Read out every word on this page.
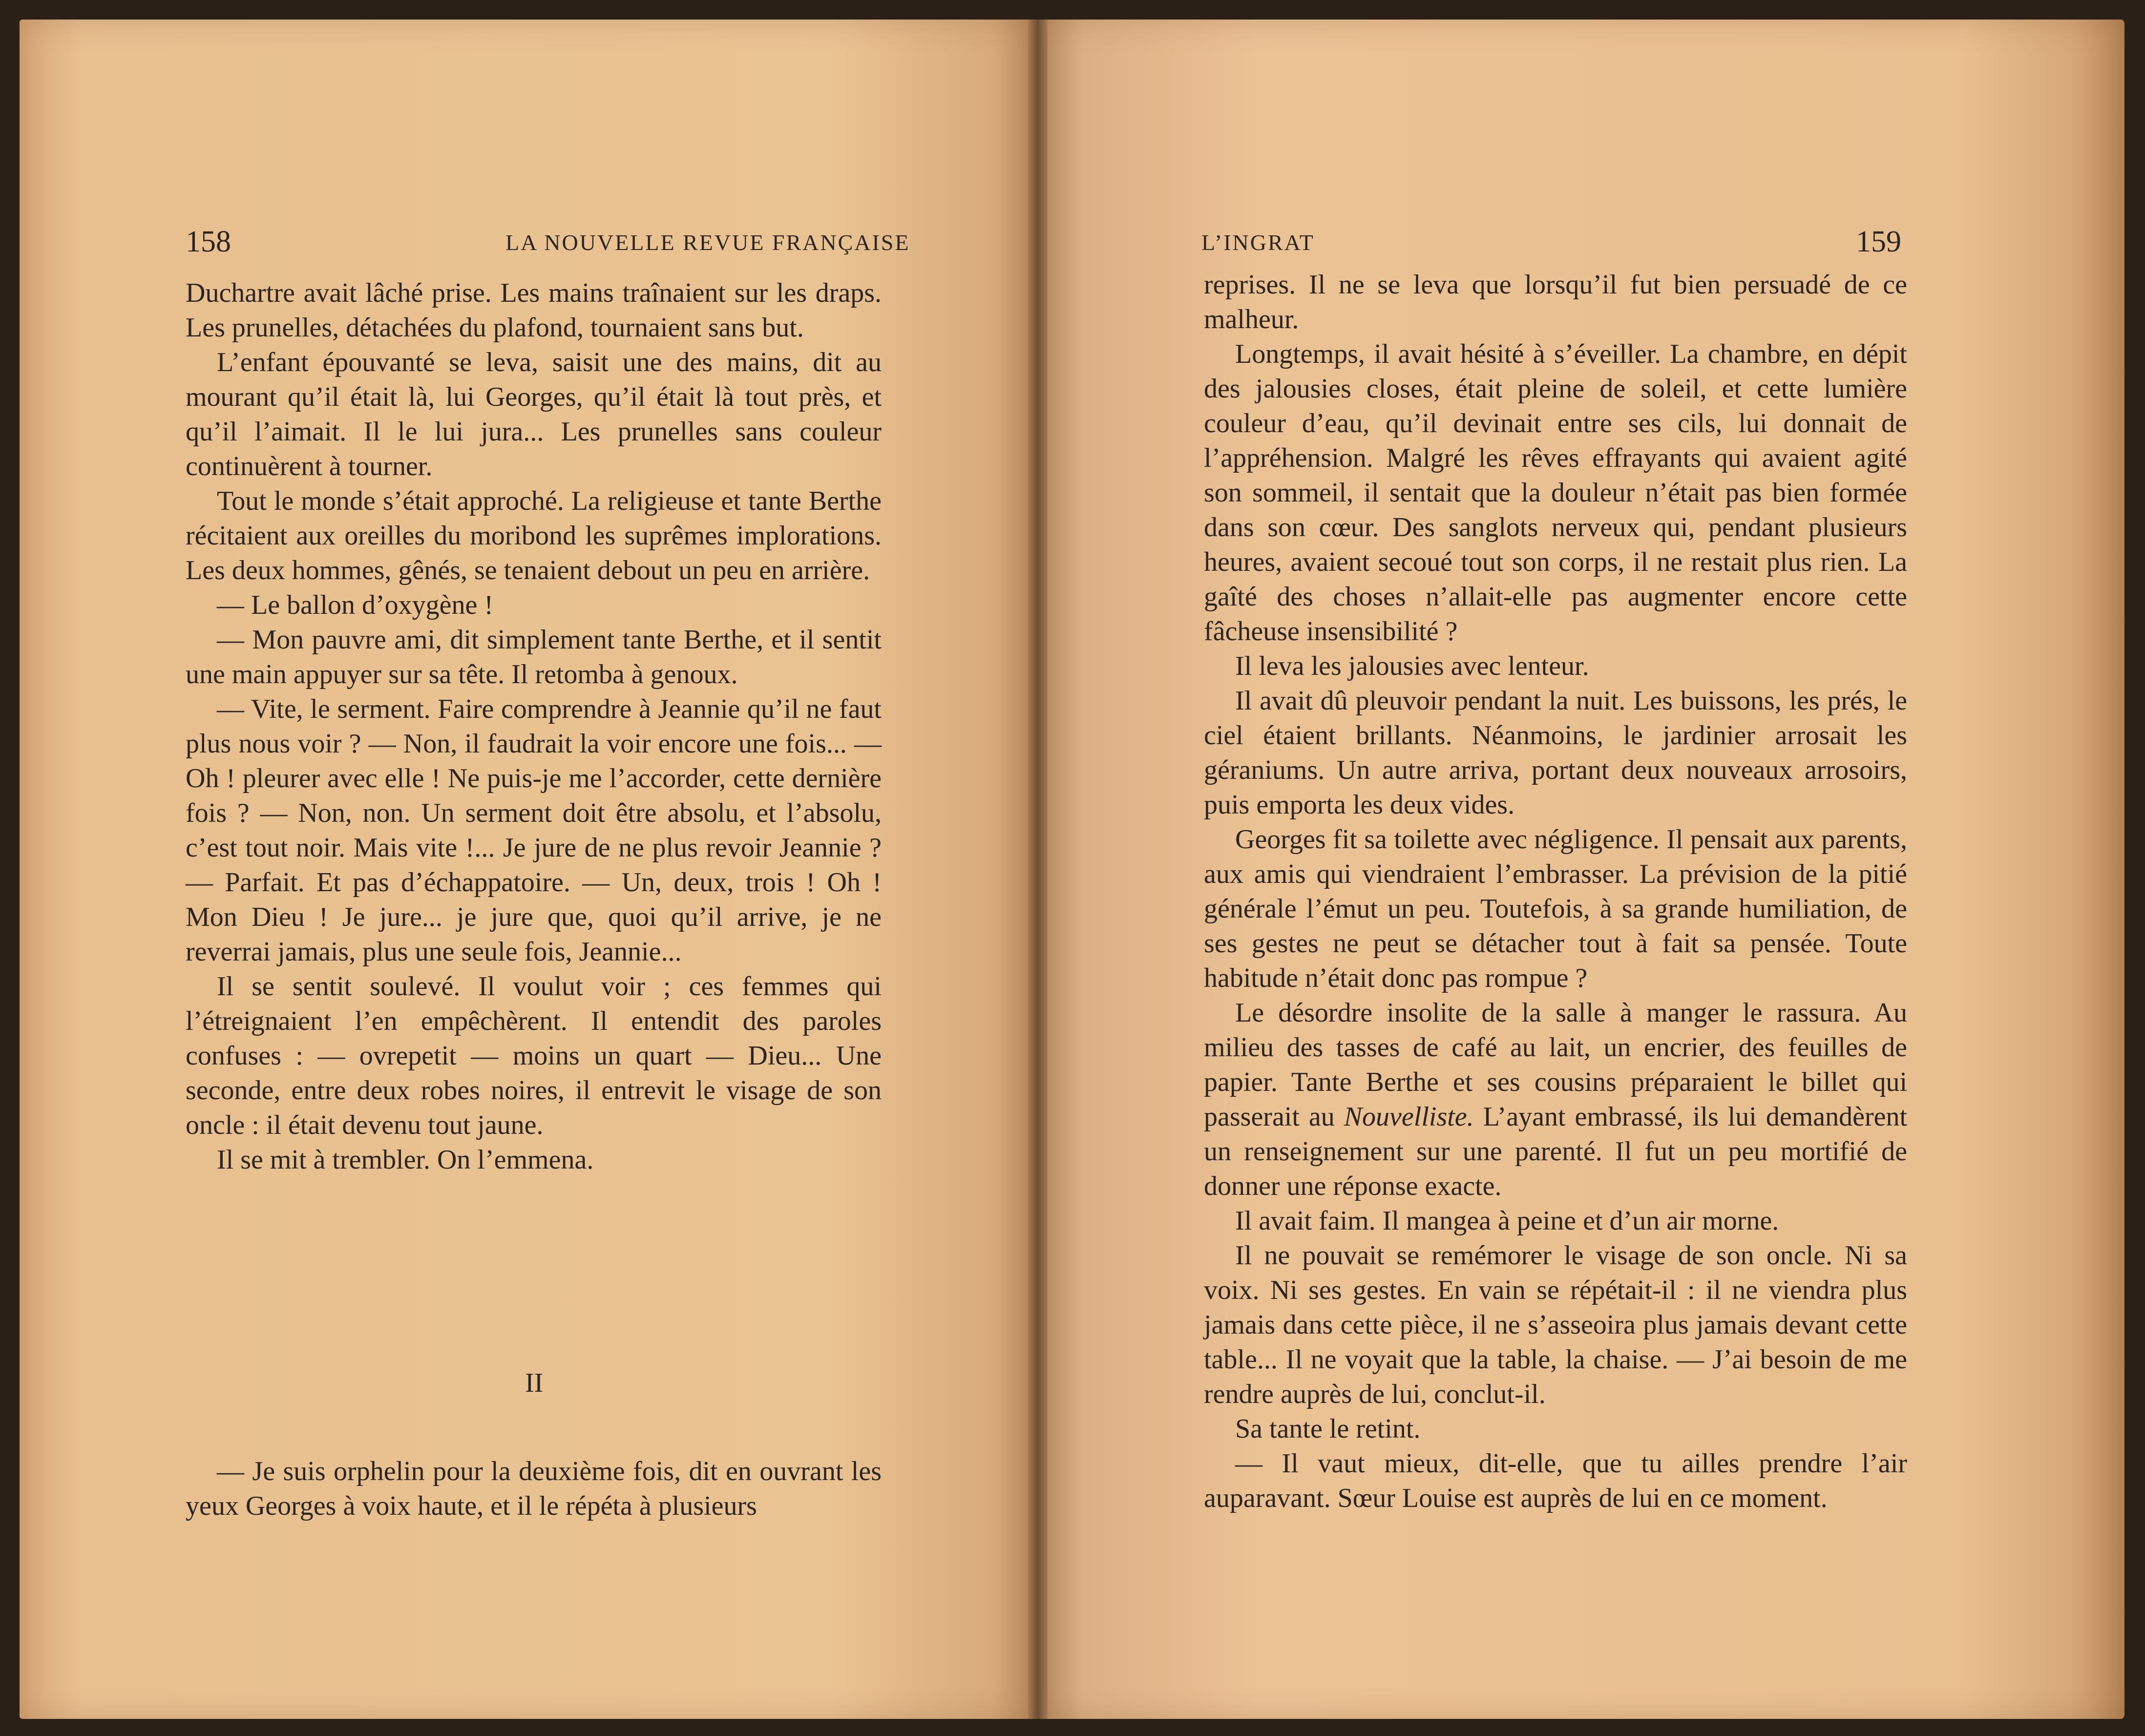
158	LA NOUVELLE REVUE FRANÇAISE

Duchartre avait lâché prise. Les mains traînaient sur les draps. Les prunelles, détachées du plafond, tournaient sans but.

L’enfant épouvanté se leva, saisit une des mains, dit au mourant qu’il était là, lui Georges, qu’il était là tout près, et qu’il l’aimait. Il le lui jura... Les prunelles sans couleur continuèrent à tourner.

Tout le monde s’était approché. La religieuse et tante Berthe récitaient aux oreilles du moribond les suprêmes implorations. Les deux hommes, gênés, se tenaient debout un peu en arrière.

— Le ballon d’oxygène !

— Mon pauvre ami, dit simplement tante Berthe, et il sentit une main appuyer sur sa tête. Il retomba à genoux.

— Vite, le serment. Faire comprendre à Jeannie qu’il ne faut plus nous voir ? — Non, il faudrait la voir encore une fois... — Oh ! pleurer avec elle ! Ne puis-je me l’accorder, cette dernière fois ? — Non, non. Un serment doit être absolu, et l’absolu, c’est tout noir. Mais vite !... Je jure de ne plus revoir Jeannie ? — Parfait. Et pas d’échappatoire. — Un, deux, trois ! Oh ! Mon Dieu ! Je jure... je jure que, quoi qu’il arrive, je ne reverrai jamais, plus une seule fois, Jeannie...

Il se sentit soulevé. Il voulut voir ; ces femmes qui l’étreignaient l’en empêchèrent. Il entendit des paroles confuses : — ovrepetit — moins un quart — Dieu... Une seconde, entre deux robes noires, il entrevit le visage de son oncle : il était devenu tout jaune.

Il se mit à trembler. On l’emmena.

II

— Je suis orphelin pour la deuxième fois, dit en ouvrant les yeux Georges à voix haute, et il le répéta à plusieurs

L’INGRAT	159

reprises. Il ne se leva que lorsqu’il fut bien persuadé de ce malheur.

Longtemps, il avait hésité à s’éveiller. La chambre, en dépit des jalousies closes, était pleine de soleil, et cette lumière couleur d’eau, qu’il devinait entre ses cils, lui donnait de l’appréhension. Malgré les rêves effrayants qui avaient agité son sommeil, il sentait que la douleur n’était pas bien formée dans son cœur. Des sanglots nerveux qui, pendant plusieurs heures, avaient secoué tout son corps, il ne restait plus rien. La gaîté des choses n’allait-elle pas augmenter encore cette fâcheuse insensibilité ?

Il leva les jalousies avec lenteur.

Il avait dû pleuvoir pendant la nuit. Les buissons, les prés, le ciel étaient brillants. Néanmoins, le jardinier arrosait les géraniums. Un autre arriva, portant deux nouveaux arrosoirs, puis emporta les deux vides.

Georges fit sa toilette avec négligence. Il pensait aux parents, aux amis qui viendraient l’embrasser. La prévision de la pitié générale l’émut un peu. Toutefois, à sa grande humiliation, de ses gestes ne peut se détacher tout à fait sa pensée. Toute habitude n’était donc pas rompue ?

Le désordre insolite de la salle à manger le rassura. Au milieu des tasses de café au lait, un encrier, des feuilles de papier. Tante Berthe et ses cousins préparaient le billet qui passerait au Nouvelliste. L’ayant embrassé, ils lui demandèrent un renseignement sur une parenté. Il fut un peu mortifié de donner une réponse exacte.

Il avait faim. Il mangea à peine et d’un air morne.

Il ne pouvait se remémorer le visage de son oncle. Ni sa voix. Ni ses gestes. En vain se répétait-il : il ne viendra plus jamais dans cette pièce, il ne s’asseoira plus jamais devant cette table... Il ne voyait que la table, la chaise. — J’ai besoin de me rendre auprès de lui, conclut-il.

Sa tante le retint.

— Il vaut mieux, dit-elle, que tu ailles prendre l’air auparavant. Sœur Louise est auprès de lui en ce moment.
